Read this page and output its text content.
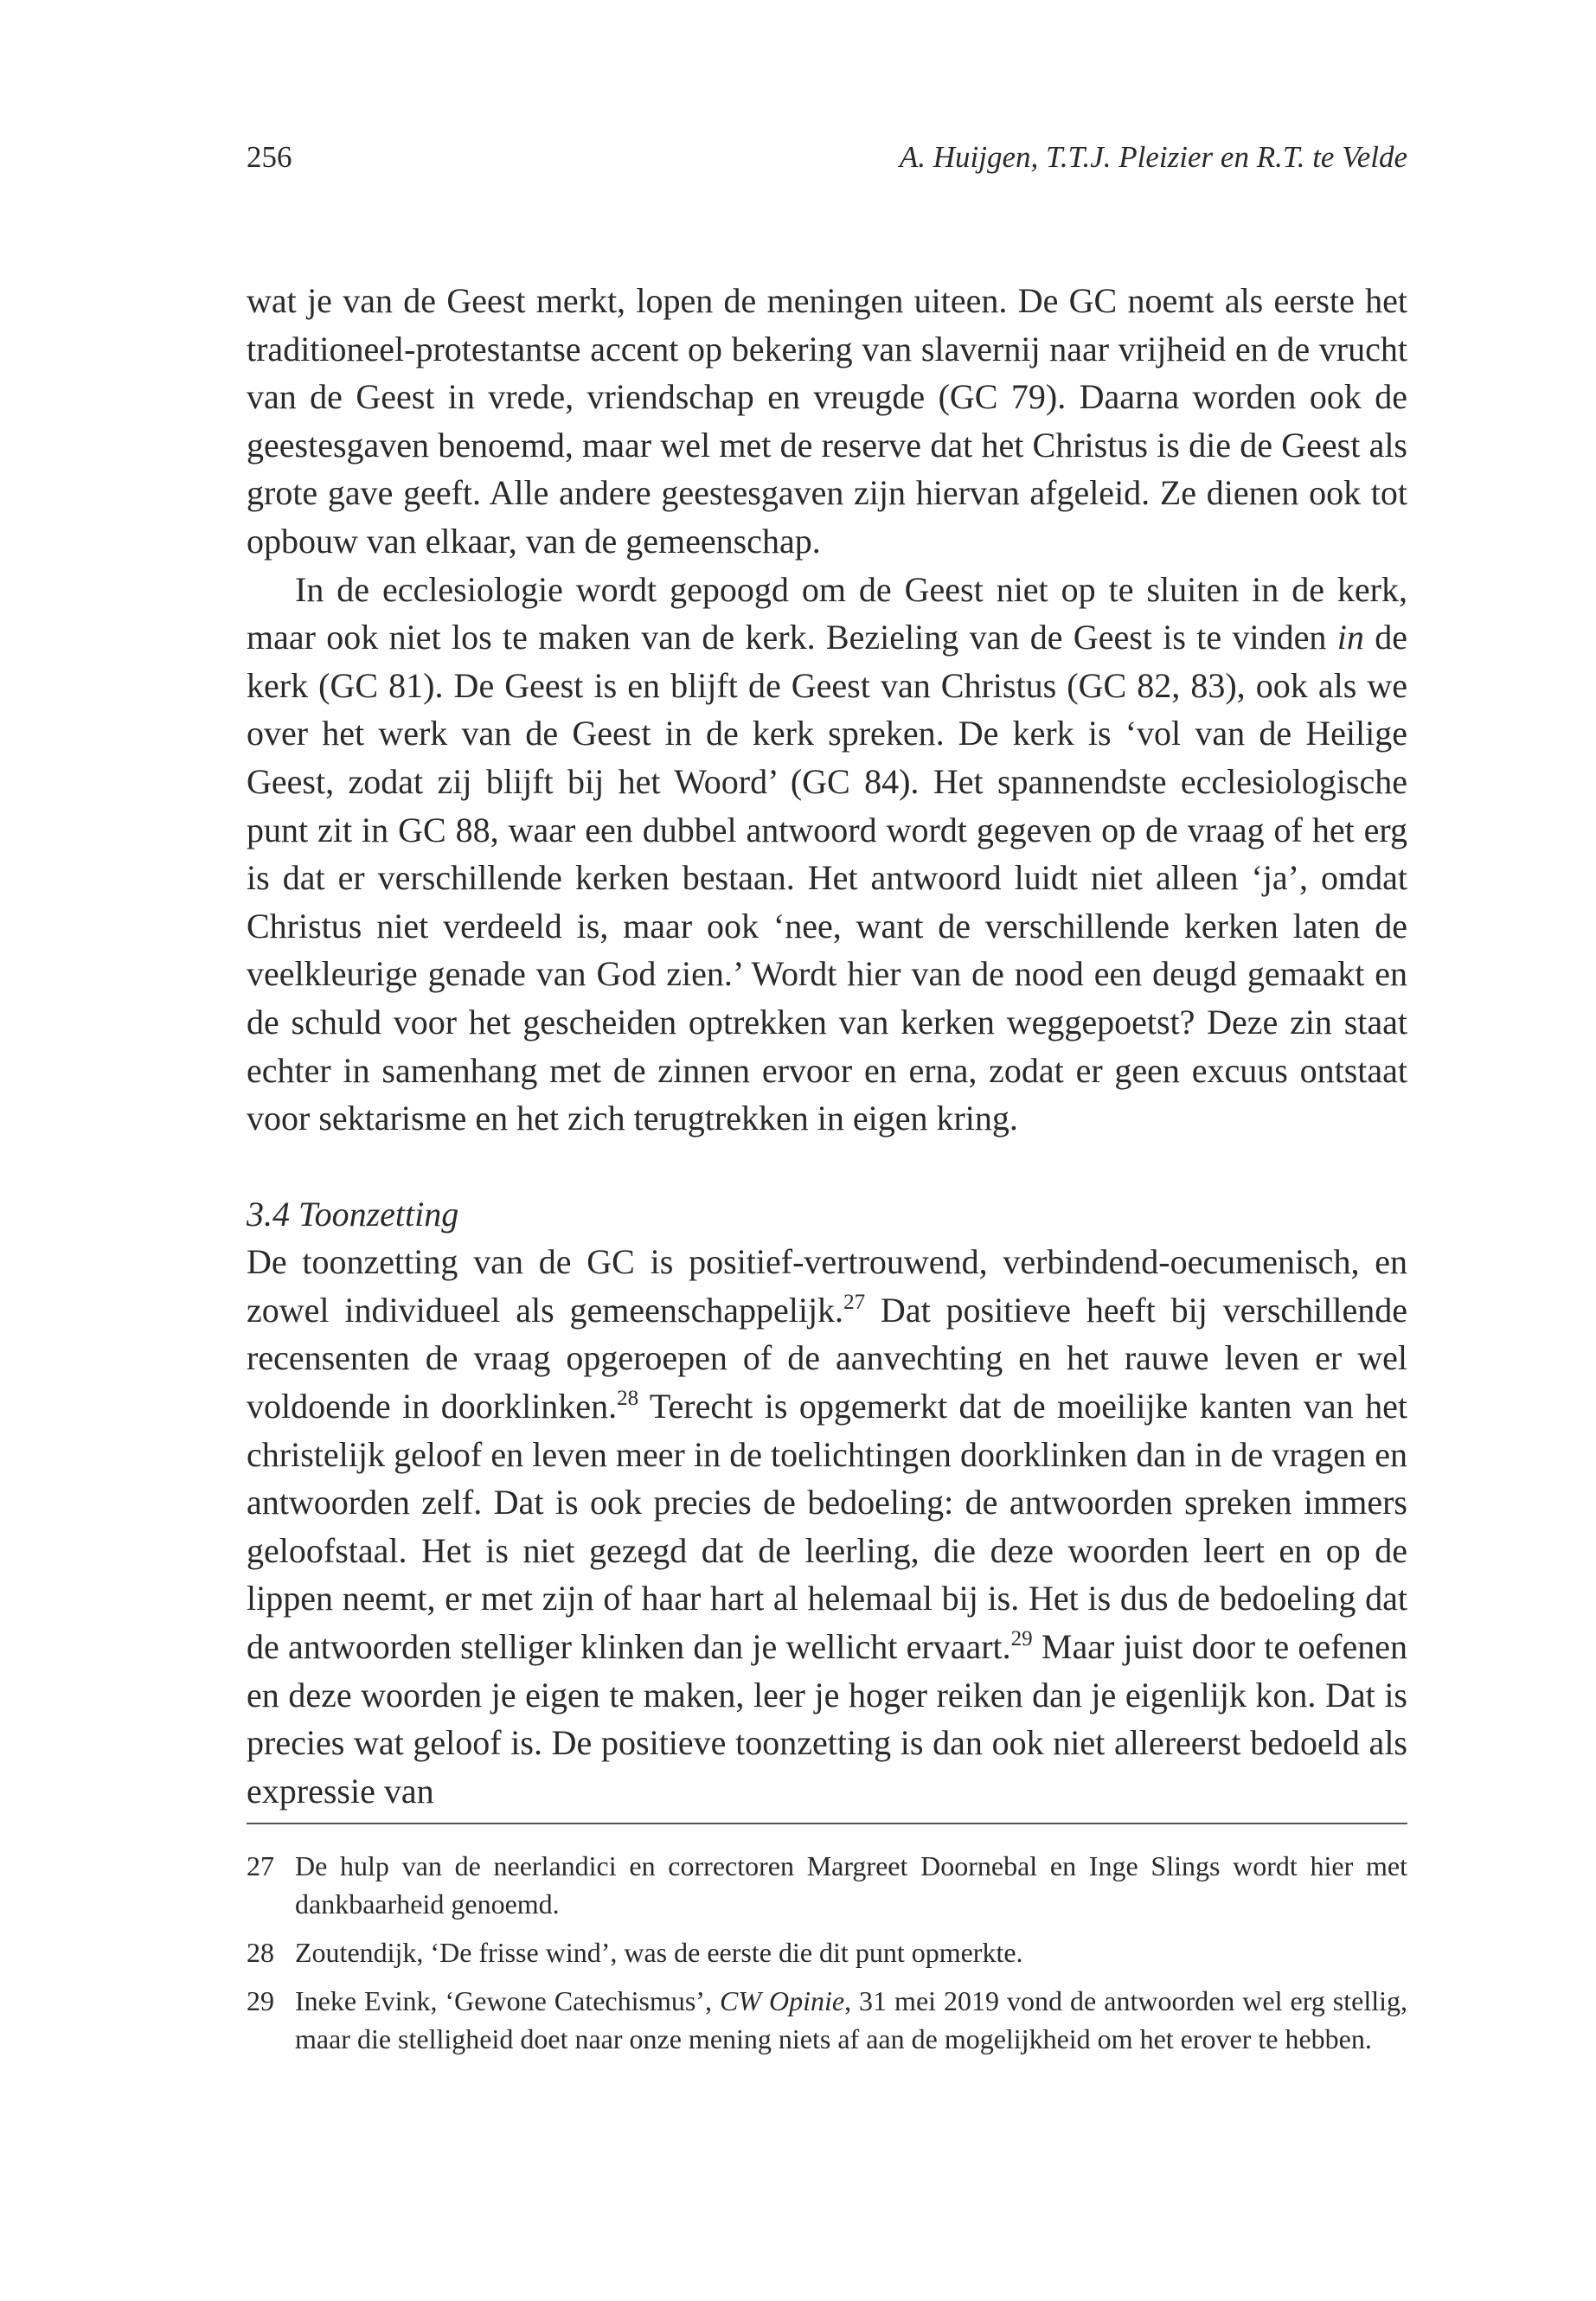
256	A. Huijgen, T.T.J. Pleizier en R.T. te Velde

wat je van de Geest merkt, lopen de meningen uiteen. De GC noemt als eerste het traditioneel-protestantse accent op bekering van slavernij naar vrijheid en de vrucht van de Geest in vrede, vriendschap en vreugde (GC 79). Daarna worden ook de geestesgaven benoemd, maar wel met de reserve dat het Christus is die de Geest als grote gave geeft. Alle andere geestesgaven zijn hiervan afgeleid. Ze dienen ook tot opbouw van elkaar, van de gemeenschap.

In de ecclesiologie wordt gepoogd om de Geest niet op te sluiten in de kerk, maar ook niet los te maken van de kerk. Bezieling van de Geest is te vinden in de kerk (GC 81). De Geest is en blijft de Geest van Christus (GC 82, 83), ook als we over het werk van de Geest in de kerk spreken. De kerk is ‘vol van de Heilige Geest, zodat zij blijft bij het Woord’ (GC 84). Het spannendste ecclesiologische punt zit in GC 88, waar een dubbel antwoord wordt gegeven op de vraag of het erg is dat er verschillende kerken bestaan. Het antwoord luidt niet alleen ‘ja’, omdat Christus niet verdeeld is, maar ook ‘nee, want de verschillende kerken laten de veelkleurige genade van God zien.’ Wordt hier van de nood een deugd gemaakt en de schuld voor het gescheiden optrekken van kerken weggepoetst? Deze zin staat echter in samenhang met de zinnen ervoor en erna, zodat er geen excuus ontstaat voor sektarisme en het zich terugtrekken in eigen kring.

3.4 Toonzetting

De toonzetting van de GC is positief-vertrouwend, verbindend-oecumenisch, en zowel individueel als gemeenschappelijk.$^{27}$ Dat positieve heeft bij verschillende recensenten de vraag opgeroepen of de aanvechting en het rauwe leven er wel voldoende in doorklinken.$^{28}$ Terecht is opgemerkt dat de moeilijke kanten van het christelijk geloof en leven meer in de toelichtingen doorklinken dan in de vragen en antwoorden zelf. Dat is ook precies de bedoeling: de antwoorden spreken immers geloofstaal. Het is niet gezegd dat de leerling, die deze woorden leert en op de lippen neemt, er met zijn of haar hart al helemaal bij is. Het is dus de bedoeling dat de antwoorden stelliger klinken dan je wellicht ervaart.$^{29}$ Maar juist door te oefenen en deze woorden je eigen te maken, leer je hoger reiken dan je eigenlijk kon. Dat is precies wat geloof is. De positieve toonzetting is dan ook niet allereerst bedoeld als expressie van

27 De hulp van de neerlandici en correctoren Margreet Doornebal en Inge Slings wordt hier met dankbaarheid genoemd.
28 Zoutendijk, ‘De frisse wind’, was de eerste die dit punt opmerkte.
29 Ineke Evink, ‘Gewone Catechismus’, CW Opinie, 31 mei 2019 vond de antwoorden wel erg stellig, maar die stelligheid doet naar onze mening niets af aan de mogelijkheid om het erover te hebben.
